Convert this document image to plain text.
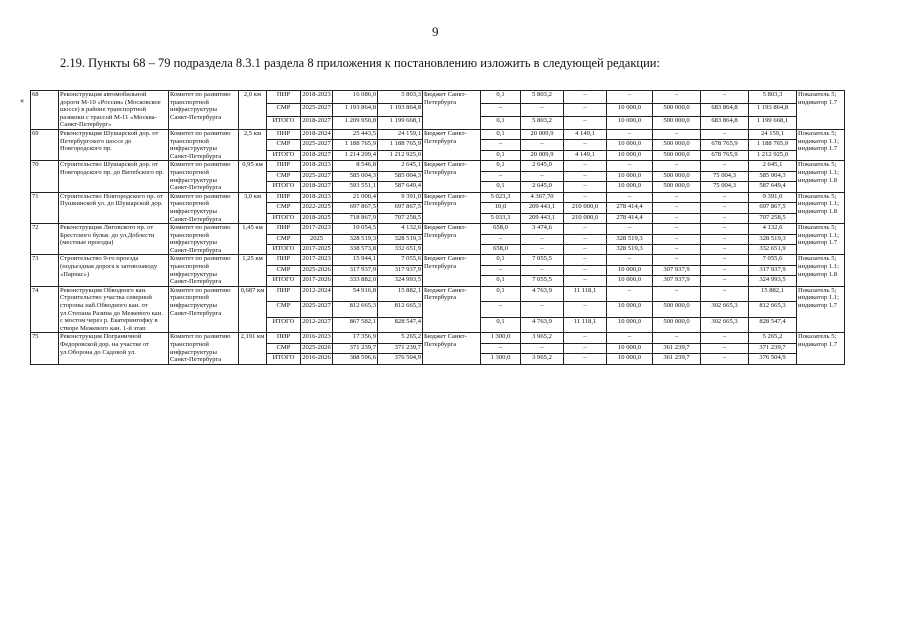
9
2.19. Пункты 68 – 79 подраздела 8.3.1 раздела 8 приложения к постановлению изложить в следующей редакции:
«
68	Реконструкция автомобильной дороги М-10 «Россия» (Московское шоссе) в районе транспортной развязки с трассой М-11 «Москва-Санкт-Петербург»	Комитет по развитию транспортной инфраструктуры Санкт-Петербурга	2,0 км	ПИР	2018-2023	16 086,0	5 803,3	Бюджет Санкт-Петербурга	0,1	5 803,2	–	–	–	–	5 803,3	Показатель 5; индикатор 1.7
				СМР	2025-2027	1 193 864,8	1 193 864,8		–	–	–	10 000,0	500 000,0	683 864,8	1 193 864,8	
				ИТОГО	2018-2027	1 209 950,8	1 199 668,1		0,1	5 803,2	–	10 000,0	500 000,0	683 864,8	1 199 668,1	
69	Реконструкция Шушарской дор. от Петербургского шоссе до Новгородского пр.	Комитет по развитию транспортной инфраструктуры Санкт-Петербурга	2,5 км	ПИР	2018-2024	25 443,5	24 159,1	Бюджет Санкт-Петербурга	0,1	20 009,9	4 149,1	–	–	–	24 159,1	Показатель 5; индикатор 1.1; индикатор 1.7
				СМР	2025-2027	1 188 765,9	1 188 765,9		–	–	–	10 000,0	500 000,0	678 765,9	1 188 765,9	
				ИТОГО	2018-2027	1 214 209,4	1 212 925,0		0,1	20 009,9	4 149,1	10 000,0	500 000,0	678 765,9	1 212 925,0	
70	Строительство Шушарской дор. от Новгородского пр. до Витебского пр.	Комитет по развитию транспортной инфраструктуры Санкт-Петербурга	0,95 км	ПИР	2018-2023	8 546,8	2 645,1	Бюджет Санкт-Петербурга	0,1	2 645,0	–	–	–	–	2 645,1	Показатель 5; индикатор 1.1; индикатор 1.8
				СМР	2025-2027	585 004,3	585 004,3		–	–	–	10 000,0	500 000,0	75 004,3	585 004,3	
				ИТОГО	2018-2027	593 551,1	587 649,4		0,1	2 645,0	–	10 000,0	500 000,0	75 004,3	587 649,4	
71	Строительство Новгородского пр. от Пушкинской ул. до Шушарской дор.	Комитет по развитию транспортной инфраструктуры Санкт-Петербурга	3,0 км	ПИР	2018-2023	21 000,4	9 391,0	Бюджет Санкт-Петербурга	5 023,3	4 367,70	–	–	–	–	9 391,0	Показатель 5; индикатор 1.1; индикатор 1.8
				СМР	2022-2025	697 867,5	697 867,5		10,0	209 443,1	210 000,0	278 414,4	–	–	697 867,5	
				ИТОГО	2018-2025	718 867,9	707 258,5		5 033,3	209 443,1	210 000,0	278 414,4	–	–	707 258,5	
72	Реконструкция Лиговского пр. от Брестского бульв. до ул.Доблести (местные проезды)	Комитет по развитию транспортной инфраструктуры Санкт-Петербурга	1,45 км	ПИР	2017-2023	10 054,5	4 132,6	Бюджет Санкт-Петербурга	658,0	3 474,6	–	–	–	–	4 132,6	Показатель 5; индикатор 1.1; индикатор 1.7
				СМР	2025	328 519,3	328 519,3		–	–	–	328 519,3	–	–	328 519,3	
				ИТОГО	2017-2025	338 573,8	332 651,9		658,0	–	–	328 519,3	–	–	332 651,9	
73	Строительство 9-го проезда (подъездная дорога к затовозаводу «Парнас»)	Комитет по развитию транспортной инфраструктуры Санкт-Петербурга	1,25 км	ПИР	2017-2023	15 944,1	7 055,6	Бюджет Санкт-Петербурга	0,1	7 055,5	–	–	–	–	7 055,6	Показатель 5; индикатор 1.1; индикатор 1.8
				СМР	2025-2026	317 937,9	317 937,9		–	–	–	10 000,0	307 937,9	–	317 937,9	
				ИТОГО	2017-2026	333 882,0	324 993,5		0,1	7 055,5	–	10 000,0	307 937,9	–	324 993,5	
74	Реконструкция Обводного кан. Строительство участка северной стороны наб.Обводного кан. от ул.Степана Разина до Межевого кан. с мостом через р. Екатерингофку в створе Межевого кан. 1-й этап	Комитет по развитию транспортной инфраструктуры Санкт-Петербурга	0,687 км	ПИР	2012-2024	54 916,8	15 882,1	Бюджет Санкт-Петербурга	0,1	4 763,9	11 118,1	–	–	–	15 882,1	Показатель 5; индикатор 1.1; индикатор 1.7
				СМР	2025-2027	812 665,3	812 665,3		–	–	–	10 000,0	500 000,0	302 665,3	812 665,3	
				ИТОГО	2012-2027	867 582,1	828 547,4		0,1	4 763,9	11 118,1	10 000,0	500 000,0	302 665,3	828 547,4	
75	Реконструкция Пограничной Федоровской дор. на участке от ул.Оборона до Садовой ул.	Комитет по развитию транспортной инфраструктуры Санкт-Петербурга	2,191 км	ПИР	2016-2023	17 356,9	5 265,2	Бюджет Санкт-Петербурга	1 300,0	3 965,2	–	–	–	–	5 265,2	Показатель 5; индикатор 1.7
				СМР	2025-2026	371 239,7	371 239,7		–	–	–	10 000,0	361 239,7	–	371 239,7	
				ИТОГО	2016-2026	388 596,6	376 504,9		1 300,0	3 965,2	–	10 000,0	361 239,7	–	376 504,9	
